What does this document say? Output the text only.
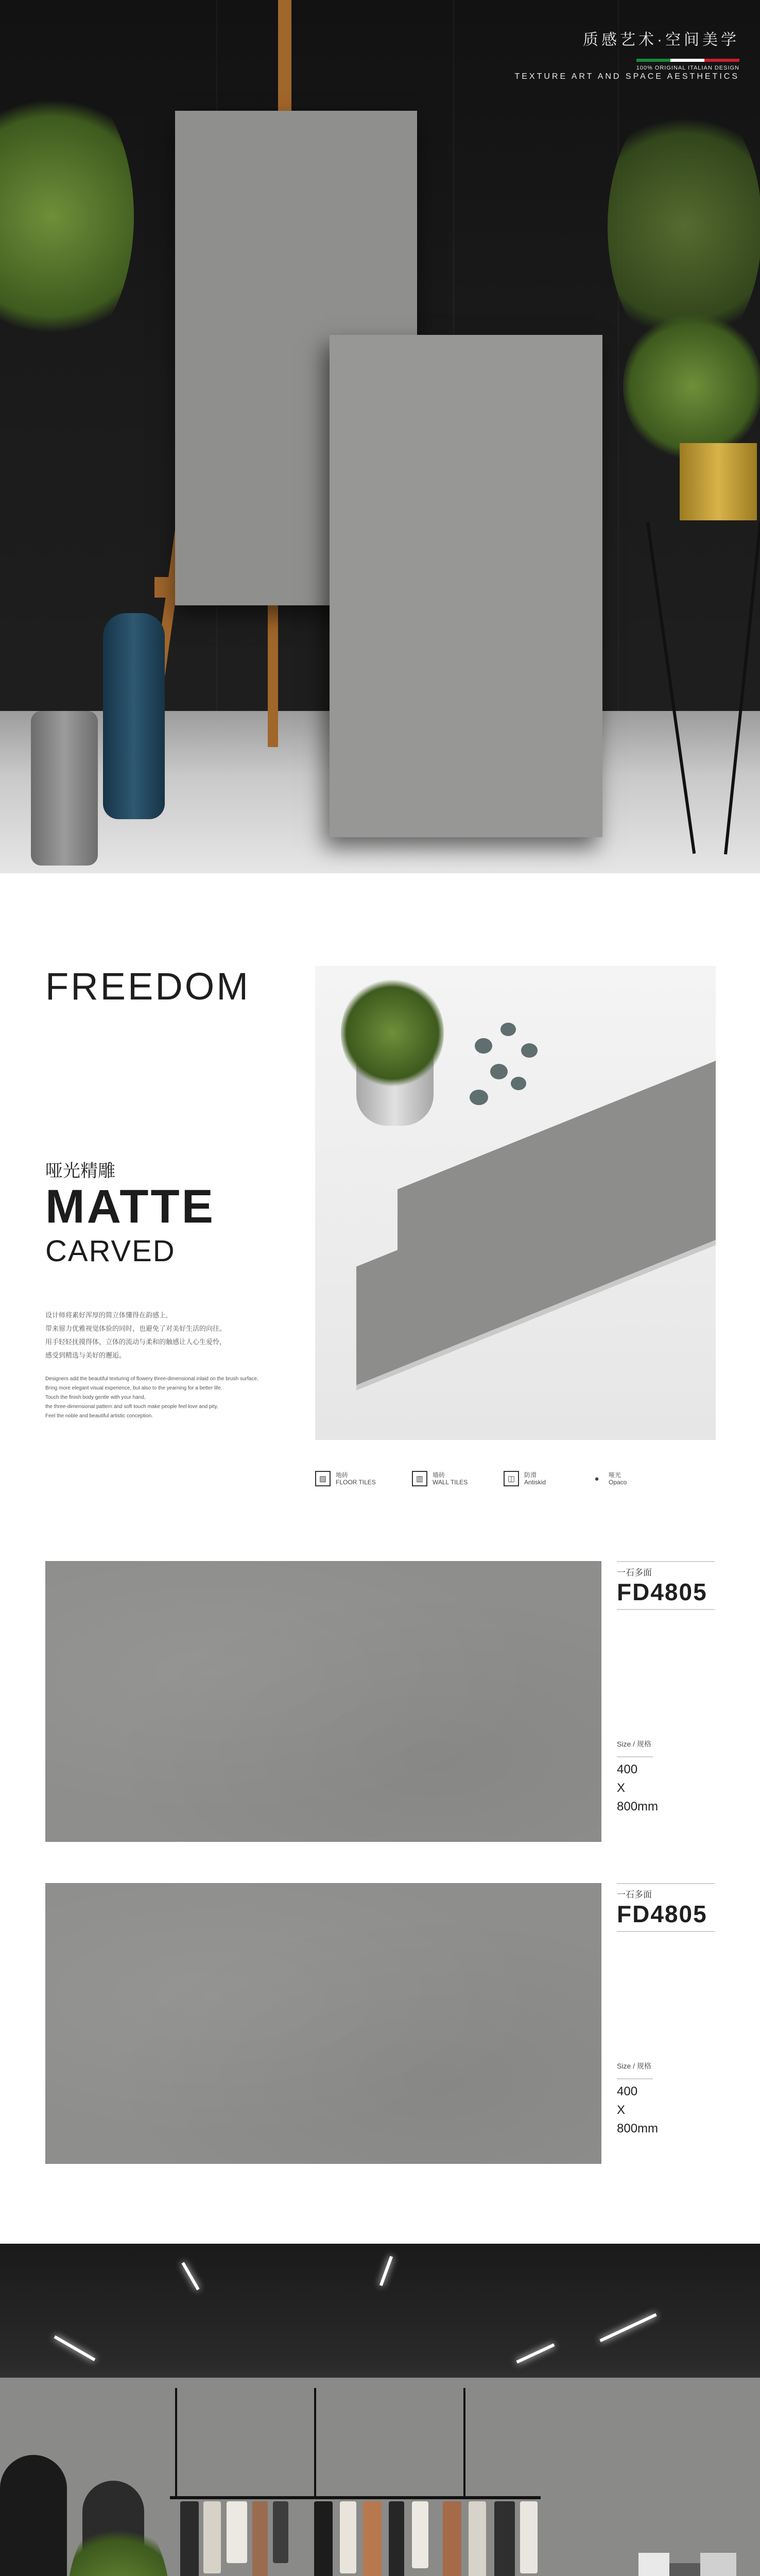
质感艺术·空间美学
100% ORIGINAL ITALIAN DESIGN
TEXTURE ART AND SPACE AESTHETICS
FREEDOM
哑光精雕
MATTE
CARVED
设计师将素好浑厚的简立体懂得在韵感上,
带来留力优雅视觉体验的同时，也避免了对美好生活的向往。
用手轻轻抚摸得体，立体的流动与柔和的触感让人心生爱怜，
感受到精选与美好的邂逅。
Designers add the beautiful texturing of flowery three-dimensional inlaid on the brush surface,
Bring more elegant visual experience, but also to the yearning for a better life.
Touch the finish body gentle with your hand,
the three-dimensional pattern and soft touch make people feel love and pity,
Feel the noble and beautiful artistic conception.
▨	地砖
FLOOR TILES	▥	墙砖
WALL TILES	◫	防滑
Antiskid	●	哑光
Opaco
一石多面
FD4805
Size / 规格
400
X
800mm
一石多面
FD4805
Size / 规格
400
X
800mm
